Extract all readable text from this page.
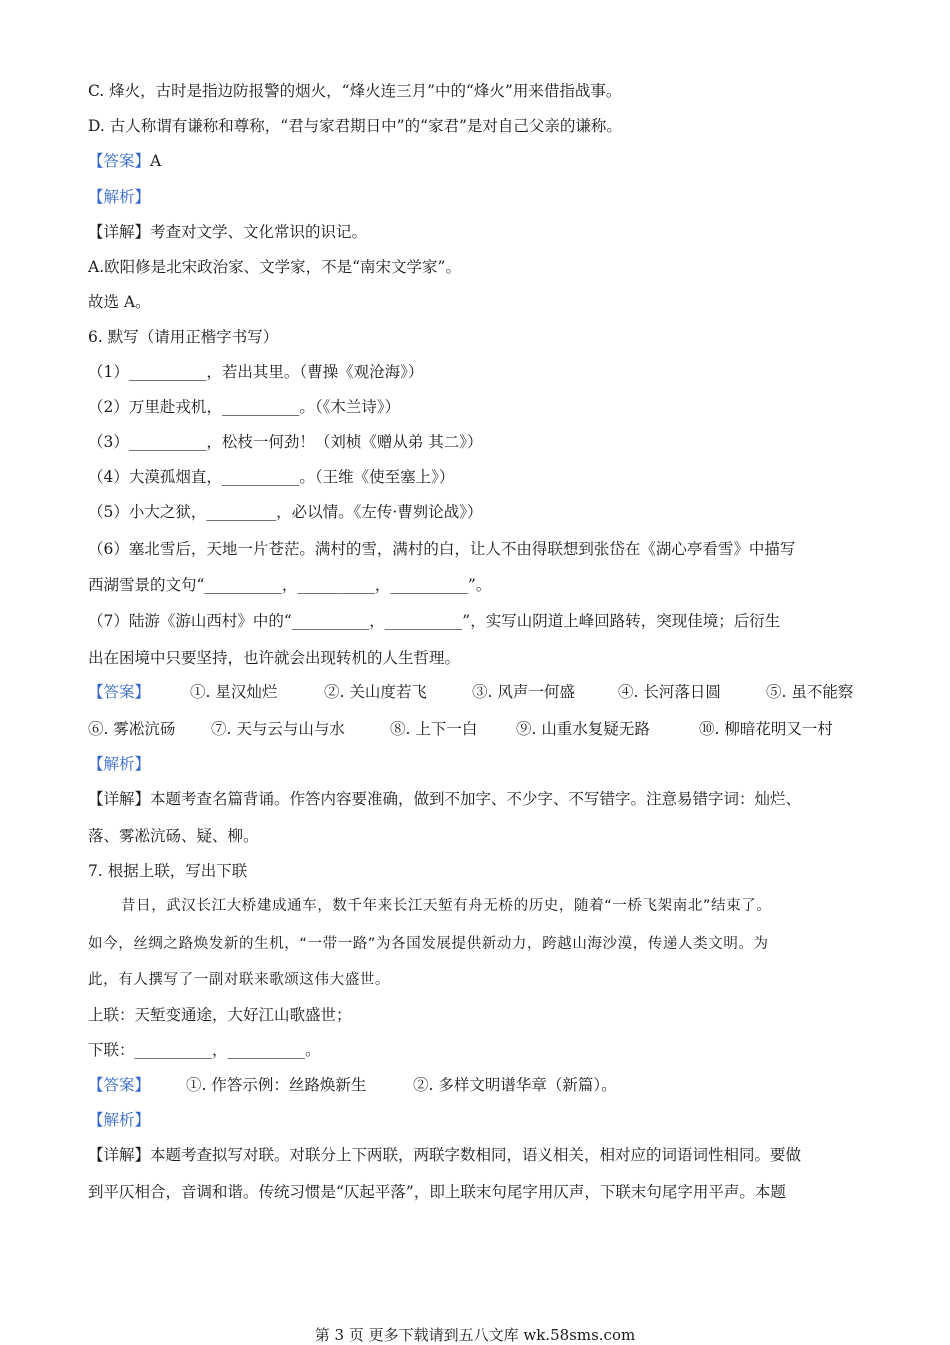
C. 烽火，古时是指边防报警的烟火，“烽火连三月”中的“烽火”用来借指战事。
D. 古人称谓有谦称和尊称，“君与家君期日中”的“家君”是对自己父亲的谦称。
【答案】A
【解析】
【详解】考查对文学、文化常识的识记。
A.欧阳修是北宋政治家、文学家，不是“南宋文学家”。
故选 A。
6. 默写（请用正楷字书写）
（1）__________，若出其里。（曹操《观沧海》）
（2）万里赴戎机，__________。（《木兰诗》）
（3）__________，松枝一何劲！（刘桢《赠从弟 其二》）
（4）大漠孤烟直，__________。（王维《使至塞上》）
（5）小大之狱，_________，必以情。《左传·曹刿论战》）
（6）塞北雪后，天地一片苍茫。满村的雪，满村的白，让人不由得联想到张岱在《湖心亭看雪》中描写
西湖雪景的文句“__________，__________，__________”。
（7）陆游《游山西村》中的“__________，__________”，实写山阴道上峰回路转，突现佳境；后衍生
出在困境中只要坚持，也许就会出现转机的人生哲理。
【答案】	①. 星汉灿烂	②. 关山度若飞	③. 风声一何盛	④. 长河落日圆	⑤. 虽不能察
⑥. 雾凇沆砀 ⑦. 天与云与山与水	⑧. 上下一白 ⑨. 山重水复疑无路	⑩. 柳暗花明又一村
【解析】
【详解】本题考查名篇背诵。作答内容要准确，做到不加字、不少字、不写错字。注意易错字词：灿烂、
落、雾凇沆砀、疑、柳。
7. 根据上联，写出下联
昔日，武汉长江大桥建成通车，数千年来长江天堑有舟无桥的历史，随着“一桥飞架南北”结束了。
如今，丝绸之路焕发新的生机，“一带一路”为各国发展提供新动力，跨越山海沙漠，传递人类文明。为
此，有人撰写了一副对联来歌颂这伟大盛世。
上联：天堑变通途，大好江山歌盛世；
下联：__________，__________。
【答案】 ①. 作答示例：丝路焕新生	②. 多样文明谱华章（新篇）。
【解析】
【详解】本题考查拟写对联。对联分上下两联，两联字数相同，语义相关，相对应的词语词性相同。要做
到平仄相合，音调和谐。传统习惯是“仄起平落”，即上联末句尾字用仄声，下联末句尾字用平声。本题
第 3 页 更多下载请到五八文库 wk.58sms.com
